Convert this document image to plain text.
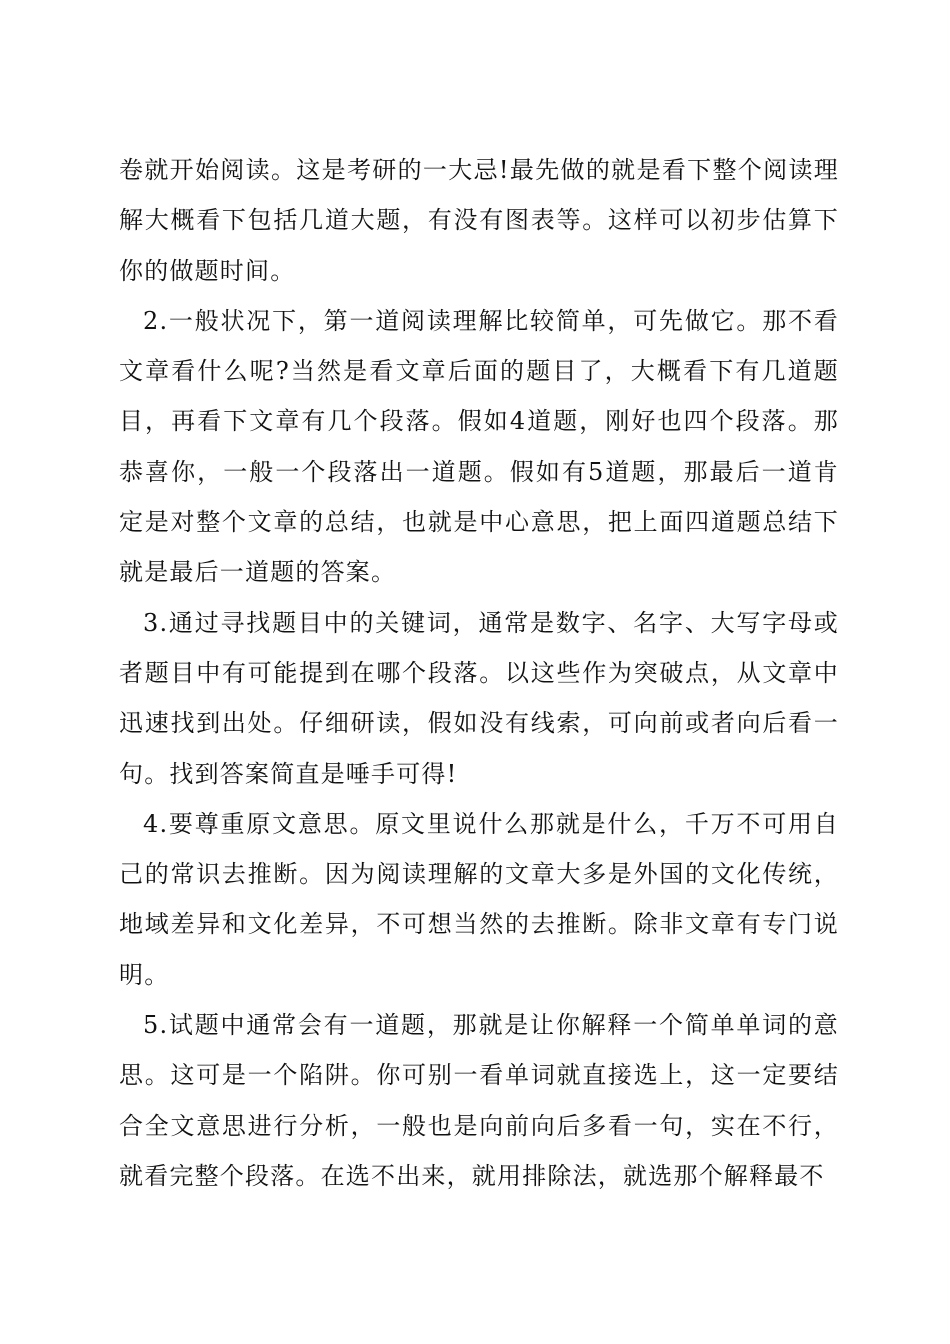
卷就开始阅读。这是考研的一大忌!最先做的就是看下整个阅读理解大概看下包括几道大题，有没有图表等。这样可以初步估算下你的做题时间。

2.一般状况下，第一道阅读理解比较简单，可先做它。那不看文章看什么呢?当然是看文章后面的题目了，大概看下有几道题目，再看下文章有几个段落。假如4道题，刚好也四个段落。那恭喜你，一般一个段落出一道题。假如有5道题，那最后一道肯定是对整个文章的总结，也就是中心意思，把上面四道题总结下就是最后一道题的答案。

3.通过寻找题目中的关键词，通常是数字、名字、大写字母或者题目中有可能提到在哪个段落。以这些作为突破点，从文章中迅速找到出处。仔细研读，假如没有线索，可向前或者向后看一句。找到答案简直是唾手可得!

4.要尊重原文意思。原文里说什么那就是什么，千万不可用自己的常识去推断。因为阅读理解的文章大多是外国的文化传统，地域差异和文化差异，不可想当然的去推断。除非文章有专门说明。

5.试题中通常会有一道题，那就是让你解释一个简单单词的意思。这可是一个陷阱。你可别一看单词就直接选上，这一定要结合全文意思进行分析，一般也是向前向后多看一句，实在不行，就看完整个段落。在选不出来，就用排除法，就选那个解释最不
